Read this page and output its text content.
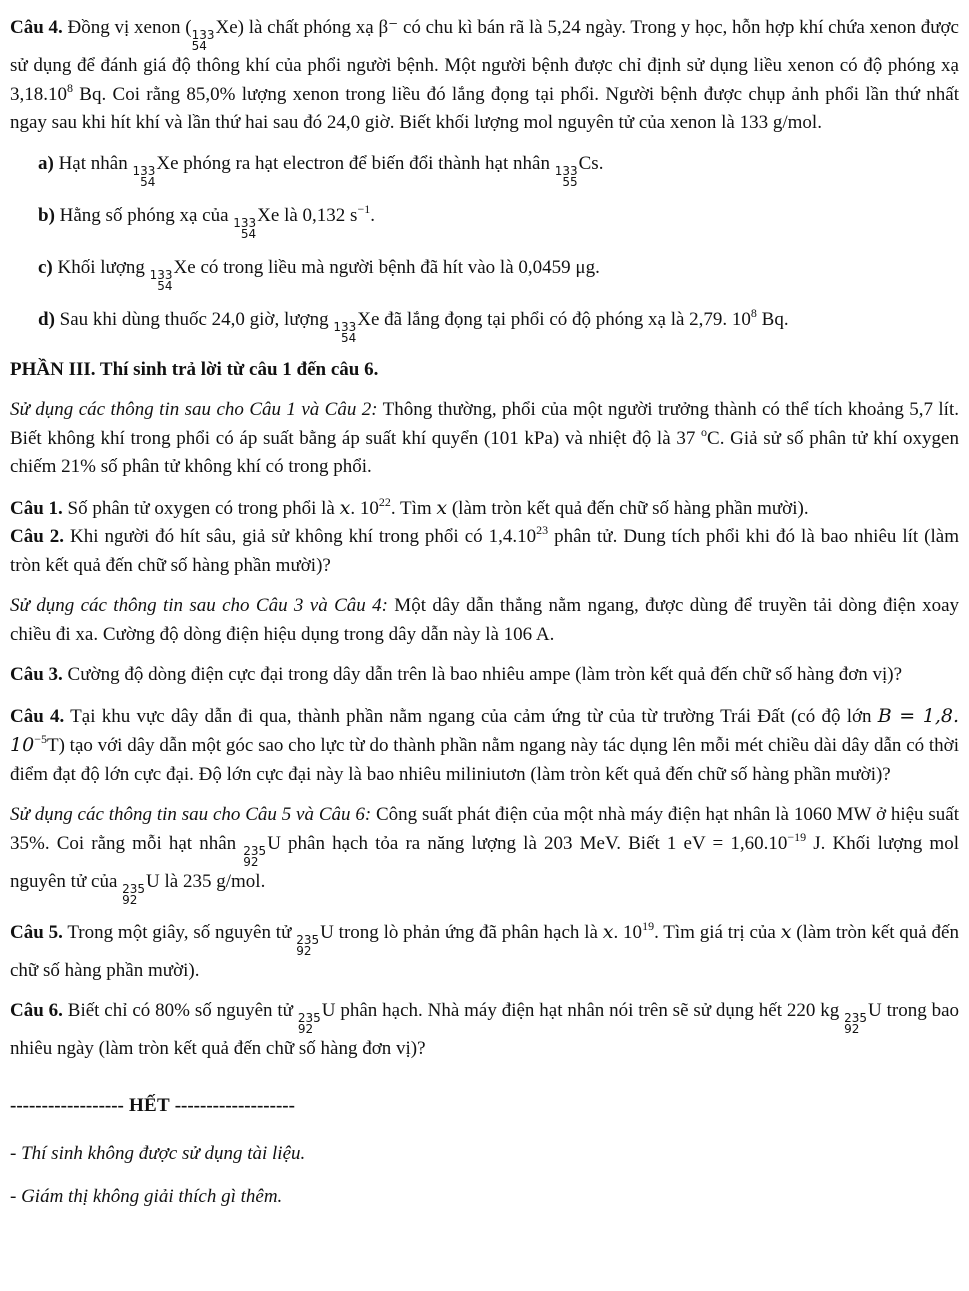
Câu 4. Đồng vị xenon ( 133
54
Xe) là chất phóng xạ β⁻ có chu kì bán rã là 5,24 ngày. Trong y học, hỗn hợp khí chứa xenon được sử dụng để đánh giá độ thông khí của phổi người bệnh. Một người bệnh được chỉ định sử dụng liều xenon có độ phóng xạ 3,18.10$^8$ Bq. Coi rằng 85,0% lượng xenon trong liều đó lắng đọng tại phổi. Người bệnh được chụp ảnh phổi lần thứ nhất ngay sau khi hít khí và lần thứ hai sau đó 24,0 giờ. Biết khối lượng mol nguyên tử của xenon là 133 g/mol.

a) Hạt nhân 133
54
Xe phóng ra hạt electron để biến đổi thành hạt nhân 133
55
Cs.

b) Hằng số phóng xạ của 133
54
Xe là 0,132 $s^{-1}$.

c) Khối lượng 133
54
Xe có trong liều mà người bệnh đã hít vào là 0,0459 μg.

d) Sau khi dùng thuốc 24,0 giờ, lượng 133
54
Xe đã lắng đọng tại phổi có độ phóng xạ là 2,79. $10^8$ Bq.

PHẦN III. Thí sinh trả lời từ câu 1 đến câu 6.

Sử dụng các thông tin sau cho Câu 1 và Câu 2: Thông thường, phổi của một người trưởng thành có thể tích khoảng 5,7 lít. Biết không khí trong phổi có áp suất bằng áp suất khí quyển (101 kPa) và nhiệt độ là 37 $^o$C. Giả sử số phân tử khí oxygen chiếm 21% số phân tử không khí có trong phổi.

Câu 1. Số phân tử oxygen có trong phổi là x. $10^{22}$. Tìm x (làm tròn kết quả đến chữ số hàng phần mười).

Câu 2. Khi người đó hít sâu, giả sử không khí trong phổi có 1,4.10$^{23}$ phân tử. Dung tích phổi khi đó là bao nhiêu lít (làm tròn kết quả đến chữ số hàng phần mười)?

Sử dụng các thông tin sau cho Câu 3 và Câu 4: Một dây dẫn thẳng nằm ngang, được dùng để truyền tải dòng điện xoay chiều đi xa. Cường độ dòng điện hiệu dụng trong dây dẫn này là 106 A.

Câu 3. Cường độ dòng điện cực đại trong dây dẫn trên là bao nhiêu ampe (làm tròn kết quả đến chữ số hàng đơn vị)?

Câu 4. Tại khu vực dây dẫn đi qua, thành phần nằm ngang của cảm ứng từ của từ trường Trái Đất (có độ lớn B = 1,8. $10^{-5}T$) tạo với dây dẫn một góc sao cho lực từ do thành phần nằm ngang này tác dụng lên mỗi mét chiều dài dây dẫn có thời điểm đạt độ lớn cực đại. Độ lớn cực đại này là bao nhiêu miliniutơn (làm tròn kết quả đến chữ số hàng phần mười)?

Sử dụng các thông tin sau cho Câu 5 và Câu 6: Công suất phát điện của một nhà máy điện hạt nhân là 1060 MW ở hiệu suất 35%. Coi rằng mỗi hạt nhân 235
92
U phân hạch tỏa ra năng lượng là 203 MeV. Biết 1 eV = $1,60.10^{-19}$ J. Khối lượng mol nguyên tử của 235
92
U là 235 g/mol.

Câu 5. Trong một giây, số nguyên tử 235
92
U trong lò phản ứng đã phân hạch là x. $10^{19}$. Tìm giá trị của x (làm tròn kết quả đến chữ số hàng phần mười).

Câu 6. Biết chỉ có 80% số nguyên tử 235
92
U phân hạch. Nhà máy điện hạt nhân nói trên sẽ sử dụng hết 220 kg 235
92
U trong bao nhiêu ngày (làm tròn kết quả đến chữ số hàng đơn vị)?

------------------ HẾT -------------------

- Thí sinh không được sử dụng tài liệu.

- Giám thị không giải thích gì thêm.
